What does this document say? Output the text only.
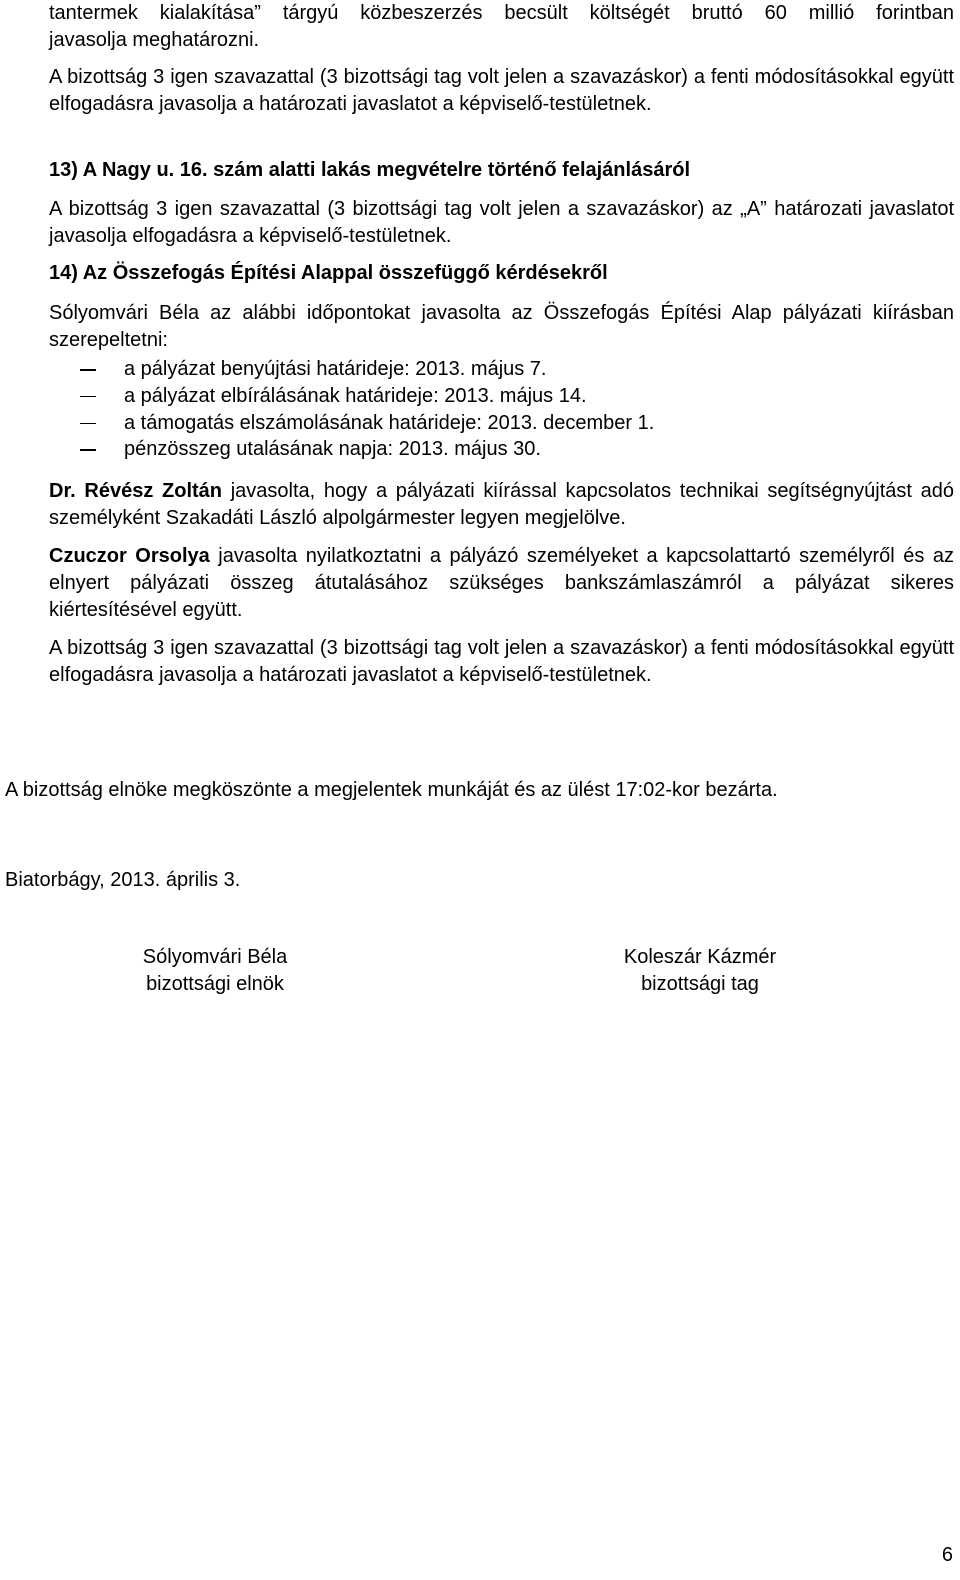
tantermek kialakítása” tárgyú közbeszerzés becsült költségét bruttó 60 millió forintban

javasolja meghatározni.

A bizottság 3 igen szavazattal (3 bizottsági tag volt jelen a szavazáskor) a fenti módosításokkal együtt elfogadásra javasolja a határozati javaslatot a képviselő-testületnek.

13) A Nagy u. 16. szám alatti lakás megvételre történő felajánlásáról

A bizottság 3 igen szavazattal (3 bizottsági tag volt jelen a szavazáskor) az „A” határozati javaslatot javasolja elfogadásra a képviselő-testületnek.

14) Az Összefogás Építési Alappal összefüggő kérdésekről

Sólyomvári Béla az alábbi időpontokat javasolta az Összefogás Építési Alap pályázati kiírásban szerepeltetni:

a pályázat benyújtási határideje: 2013. május 7.
a pályázat elbírálásának határideje: 2013. május 14.
a támogatás elszámolásának határideje: 2013. december 1.
pénzösszeg utalásának napja: 2013. május 30.

Dr. Révész Zoltán javasolta, hogy a pályázati kiírással kapcsolatos technikai segítségnyújtást adó személyként Szakadáti László alpolgármester legyen megjelölve.

Czuczor Orsolya javasolta nyilatkoztatni a pályázó személyeket a kapcsolattartó személyről és az elnyert pályázati összeg átutalásához szükséges bankszámlaszámról a pályázat sikeres kiértesítésével együtt.

A bizottság 3 igen szavazattal (3 bizottsági tag volt jelen a szavazáskor) a fenti módosításokkal együtt elfogadásra javasolja a határozati javaslatot a képviselő-testületnek.

A bizottság elnöke megköszönte a megjelentek munkáját és az ülést 17:02-kor bezárta.

Biatorbágy, 2013. április 3.

Sólyomvári Béla
bizottsági elnök
Koleszár Kázmér
bizottsági tag
6
